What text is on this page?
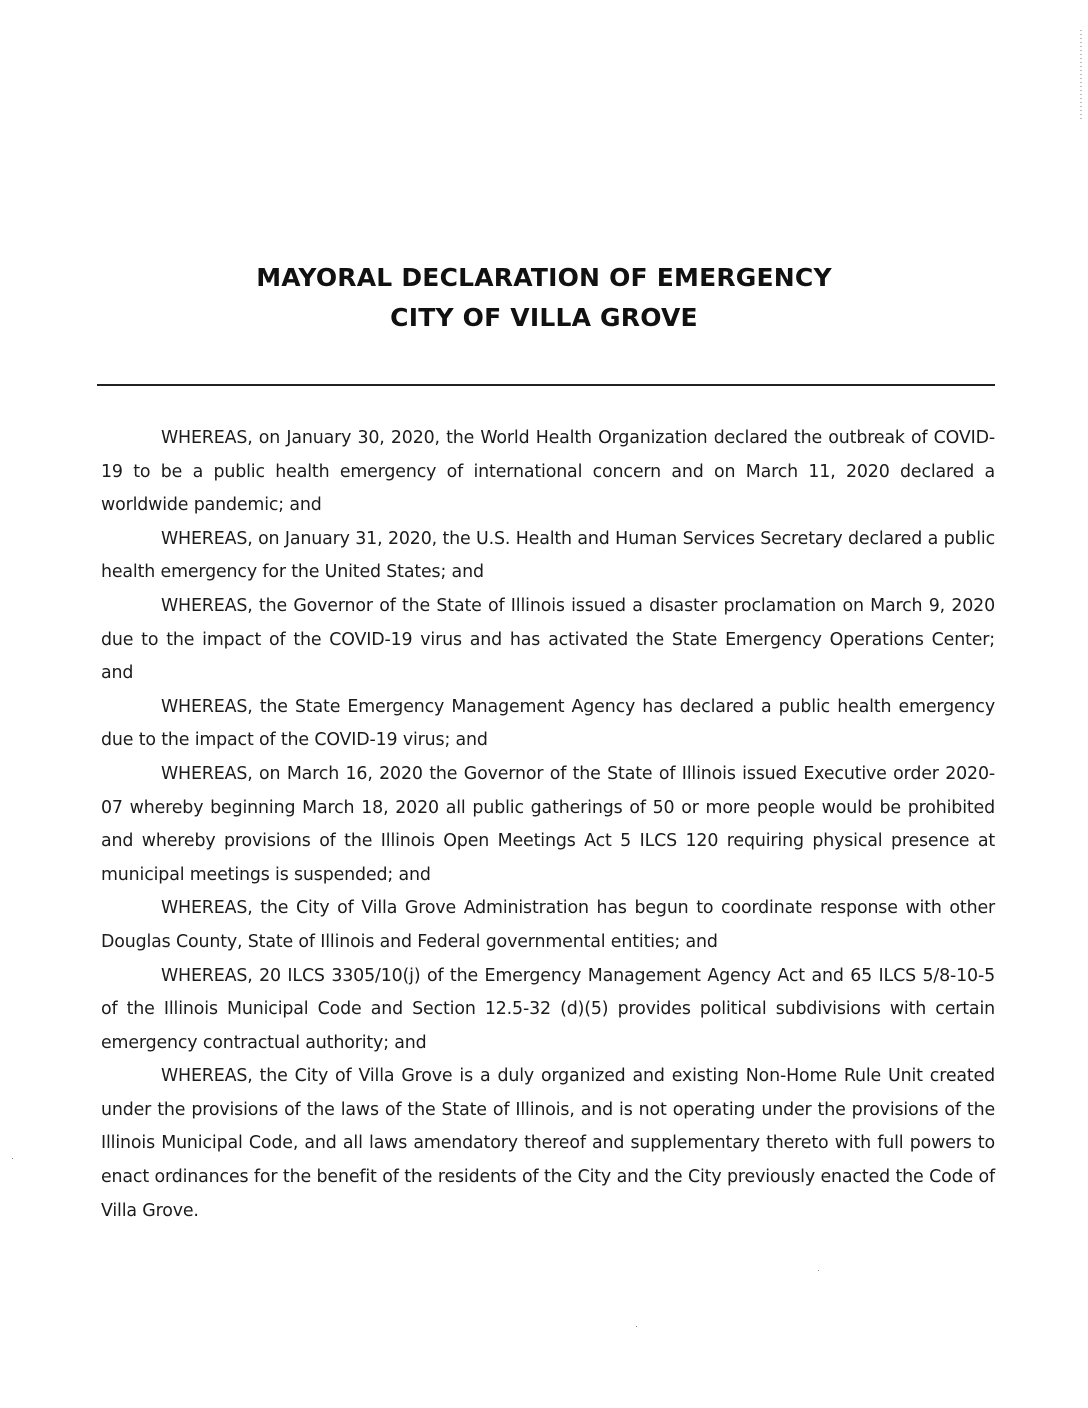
MAYORAL DECLARATION OF EMERGENCY

CITY OF VILLA GROVE

WHEREAS, on January 30, 2020, the World Health Organization declared the outbreak of COVID-19 to be a public health emergency of international concern and on March 11, 2020 declared a worldwide pandemic; and

WHEREAS, on January 31, 2020, the U.S. Health and Human Services Secretary declared a public health emergency for the United States; and

WHEREAS, the Governor of the State of Illinois issued a disaster proclamation on March 9, 2020 due to the impact of the COVID-19 virus and has activated the State Emergency Operations Center; and

WHEREAS, the State Emergency Management Agency has declared a public health emergency due to the impact of the COVID-19 virus; and

WHEREAS, on March 16, 2020 the Governor of the State of Illinois issued Executive order 2020-07 whereby beginning March 18, 2020 all public gatherings of 50 or more people would be prohibited and whereby provisions of the Illinois Open Meetings Act 5 ILCS 120 requiring physical presence at municipal meetings is suspended; and

WHEREAS, the City of Villa Grove Administration has begun to coordinate response with other Douglas County, State of Illinois and Federal governmental entities; and

WHEREAS, 20 ILCS 3305/10(j) of the Emergency Management Agency Act and 65 ILCS 5/8-10-5 of the Illinois Municipal Code and Section 12.5-32 (d)(5) provides political subdivisions with certain emergency contractual authority; and

WHEREAS, the City of Villa Grove is a duly organized and existing Non-Home Rule Unit created under the provisions of the laws of the State of Illinois, and is not operating under the provisions of the Illinois Municipal Code, and all laws amendatory thereof and supplementary thereto with full powers to enact ordinances for the benefit of the residents of the City and the City previously enacted the Code of Villa Grove.
